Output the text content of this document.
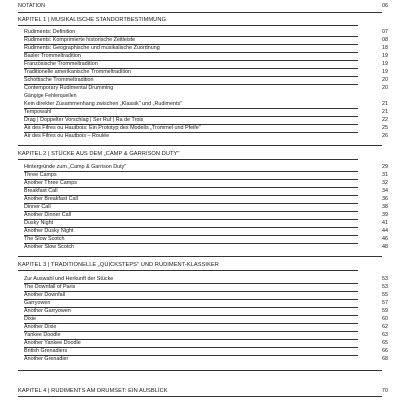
NOTATION	06
KAPITEL 1 | MUSIKALISCHE STANDORTBESTIMMUNG
Rudiments: Definition	07
Rudiments: Komprimierte historische Zeitleiste	08
Rudiments: Geographische und musikalische Zuordnung	18
Basler Trommeltradition	19
Französische Trommeltradition	19
Traditionelle amerikanische Trommeltradition	19
Schottische Trommeltradition	20
Contemporary Rudimental Drumming	20
Gängige Fehlerquellen
Kein direkter Zusammenhang zwischen „Klassik" und „Rudiments"	21
Tempowahl	21
Drag | Doppelter Vorschlag | Ser Ruf | Ra de Trois	22
Air des Fifres ou Hautbois: Ein Prototyp des Modells „Trommel und Pfeife"	25
Air des Fifres ou Hautbois – Roulée	26
KAPITEL 2 | STÜCKE AUS DEM „CAMP & GARRISON DUTY"
Hintergründe zum „Camp & Garrison Duty"	29
Three Camps	31
Another Three Camps	32
Breakfast Call	34
Another Breakfast Call	36
Dinner Call	38
Another Dinner Call	39
Dusky Night	41
Another Dusky Night	44
The Slow Scotch	46
Another Slow Scotch	48
KAPITEL 3 | TRADITIONELLE „QUICKSTEPS" UND RUDIMENT-KLASSIKER
Zur Auswahl und Herkunft der Stücke	53
The Downfall of Paris	53
Another Downfall	55
Garryowen	57
Another Garryowen	59
Dixie	60
Another Dixie	62
Yankee Doodle	63
Another Yankee Doodle	65
British Grenadiers	66
Another Grenadier	68
KAPITEL 4 | RUDIMENTS AM DRUMSET: EIN AUSBLICK	70
